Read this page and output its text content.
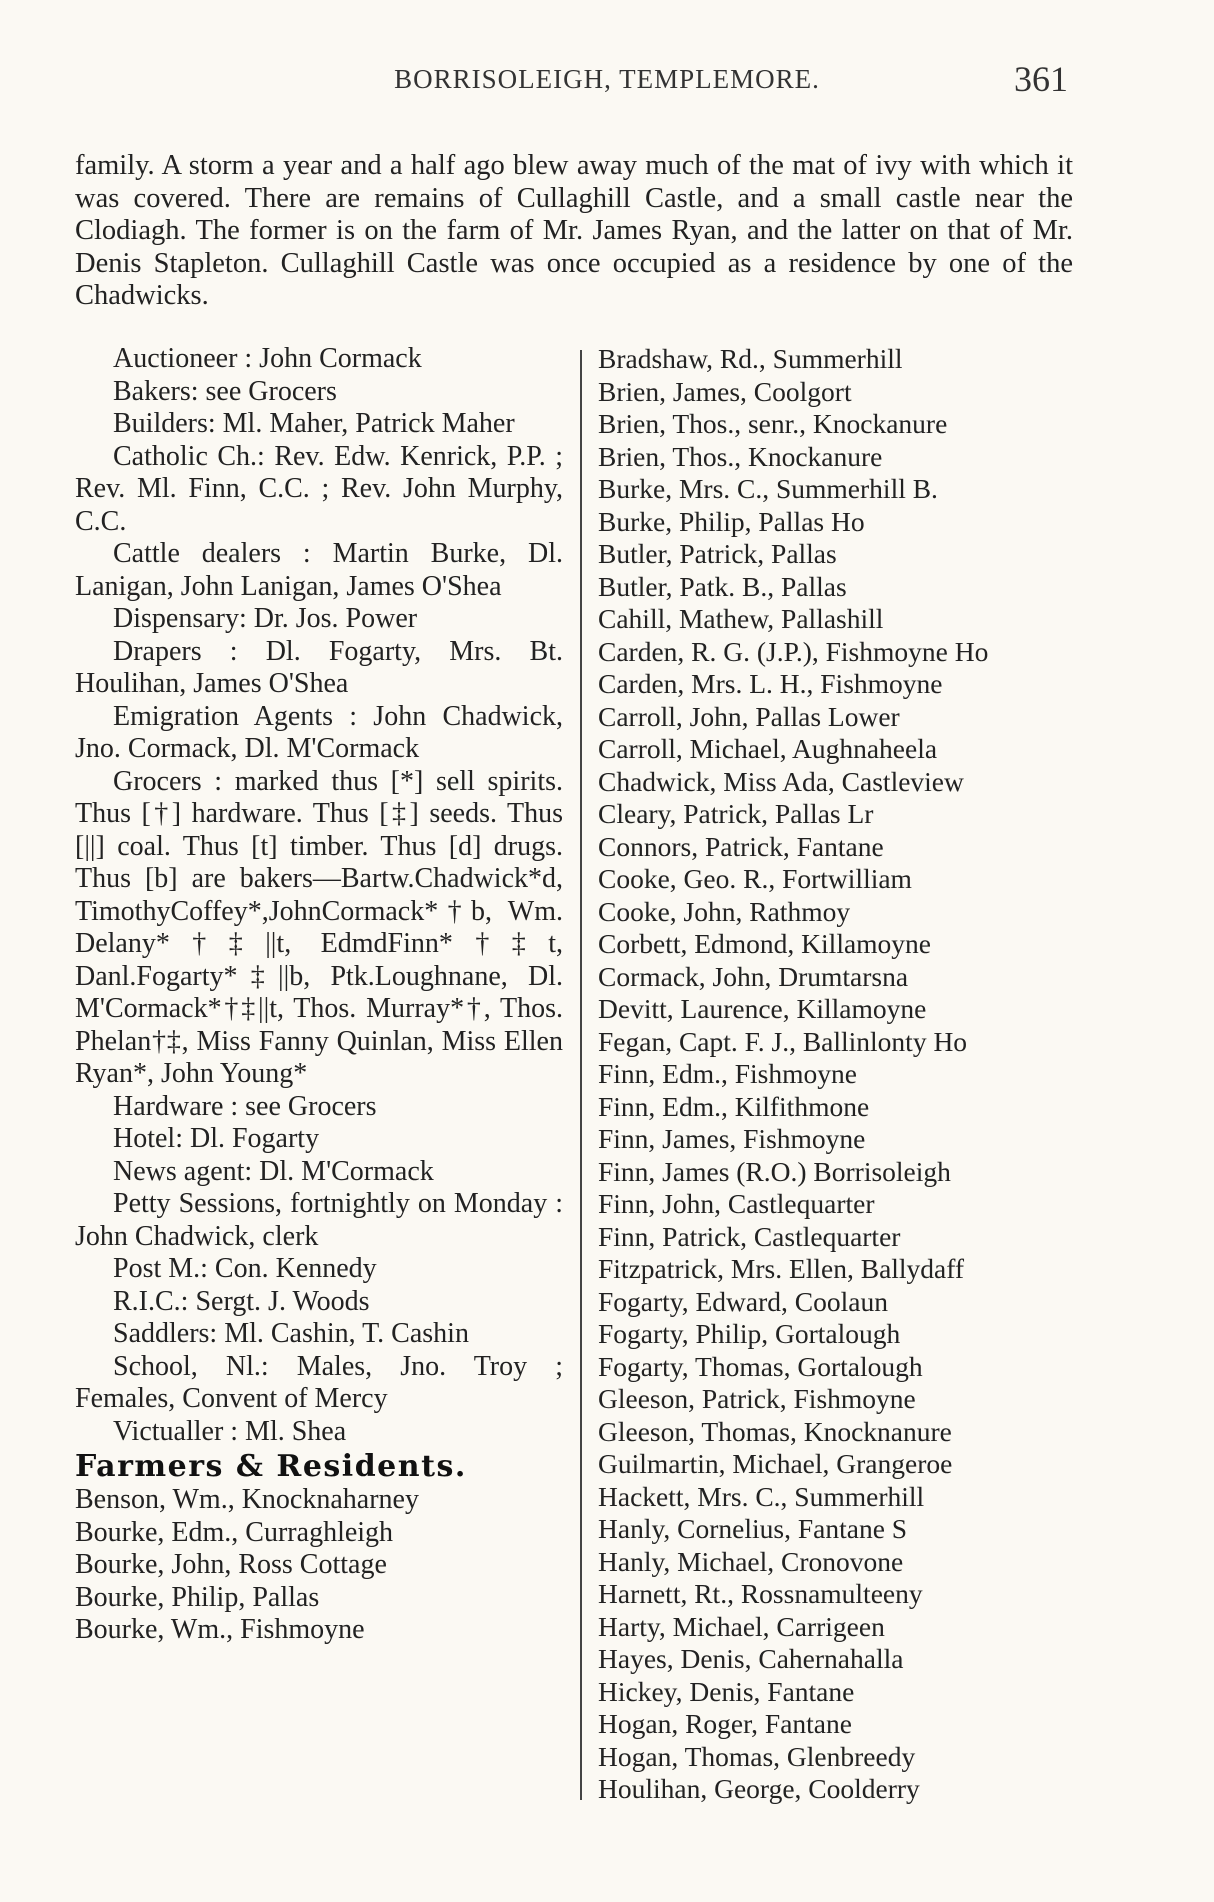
BORRISOLEIGH, TEMPLEMORE.	361

family. A storm a year and a half ago blew away much of the mat of ivy with which it was covered. There are remains of Cullaghill Castle, and a small castle near the Clodiagh. The former is on the farm of Mr. James Ryan, and the latter on that of Mr. Denis Stapleton. Cullaghill Castle was once occupied as a residence by one of the Chadwicks.

Auctioneer : John Cormack
Bakers: see Grocers
Builders: Ml. Maher, Patrick Maher
Catholic Ch.: Rev. Edw. Kenrick, P.P. ; Rev. Ml. Finn, C.C. ; Rev. John Murphy, C.C.
Cattle dealers : Martin Burke, Dl. Lanigan, John Lanigan, James O'Shea
Dispensary: Dr. Jos. Power
Drapers : Dl. Fogarty, Mrs. Bt. Houlihan, James O'Shea
Emigration Agents : John Chadwick, Jno. Cormack, Dl. M'Cormack
Grocers : marked thus [*] sell spirits. Thus [†] hardware. Thus [‡] seeds. Thus [||] coal. Thus [t] timber. Thus [d] drugs. Thus [b] are bakers—Bartw.Chadwick*d, TimothyCoffey*,JohnCormack*†b, Wm. Delany*†‡||t, EdmdFinn*†‡t, Danl.Fogarty*‡||b, Ptk.Loughnane, Dl. M'Cormack*†‡||t, Thos. Murray*†, Thos. Phelan†‡, Miss Fanny Quinlan, Miss Ellen Ryan*, John Young*
Hardware : see Grocers
Hotel: Dl. Fogarty
News agent: Dl. M'Cormack
Petty Sessions, fortnightly on Monday : John Chadwick, clerk
Post M.: Con. Kennedy
R.I.C.: Sergt. J. Woods
Saddlers: Ml. Cashin, T. Cashin
School, Nl.: Males, Jno. Troy ; Females, Convent of Mercy
Victualler : Ml. Shea
Farmers & Residents.
Benson, Wm., Knocknaharney
Bourke, Edm., Curraghleigh
Bourke, John, Ross Cottage
Bourke, Philip, Pallas
Bourke, Wm., Fishmoyne
Bradshaw, Rd., Summerhill
Brien, James, Coolgort
Brien, Thos., senr., Knockanure
Brien, Thos., Knockanure
Burke, Mrs. C., Summerhill B.
Burke, Philip, Pallas Ho
Butler, Patrick, Pallas
Butler, Patk. B., Pallas
Cahill, Mathew, Pallashill
Carden, R. G. (J.P.), Fishmoyne Ho
Carden, Mrs. L. H., Fishmoyne
Carroll, John, Pallas Lower
Carroll, Michael, Aughnaheela
Chadwick, Miss Ada, Castleview
Cleary, Patrick, Pallas Lr
Connors, Patrick, Fantane
Cooke, Geo. R., Fortwilliam
Cooke, John, Rathmoy
Corbett, Edmond, Killamoyne
Cormack, John, Drumtarsna
Devitt, Laurence, Killamoyne
Fegan, Capt. F. J., Ballinlonty Ho
Finn, Edm., Fishmoyne
Finn, Edm., Kilfithmone
Finn, James, Fishmoyne
Finn, James (R.O.) Borrisoleigh
Finn, John, Castlequarter
Finn, Patrick, Castlequarter
Fitzpatrick, Mrs. Ellen, Ballydaff
Fogarty, Edward, Coolaun
Fogarty, Philip, Gortalough
Fogarty, Thomas, Gortalough
Gleeson, Patrick, Fishmoyne
Gleeson, Thomas, Knocknanure
Guilmartin, Michael, Grangeroe
Hackett, Mrs. C., Summerhill
Hanly, Cornelius, Fantane S
Hanly, Michael, Cronovone
Harnett, Rt., Rossnamulteeny
Harty, Michael, Carrigeen
Hayes, Denis, Cahernahalla
Hickey, Denis, Fantane
Hogan, Roger, Fantane
Hogan, Thomas, Glenbreedy
Houlihan, George, Coolderry
